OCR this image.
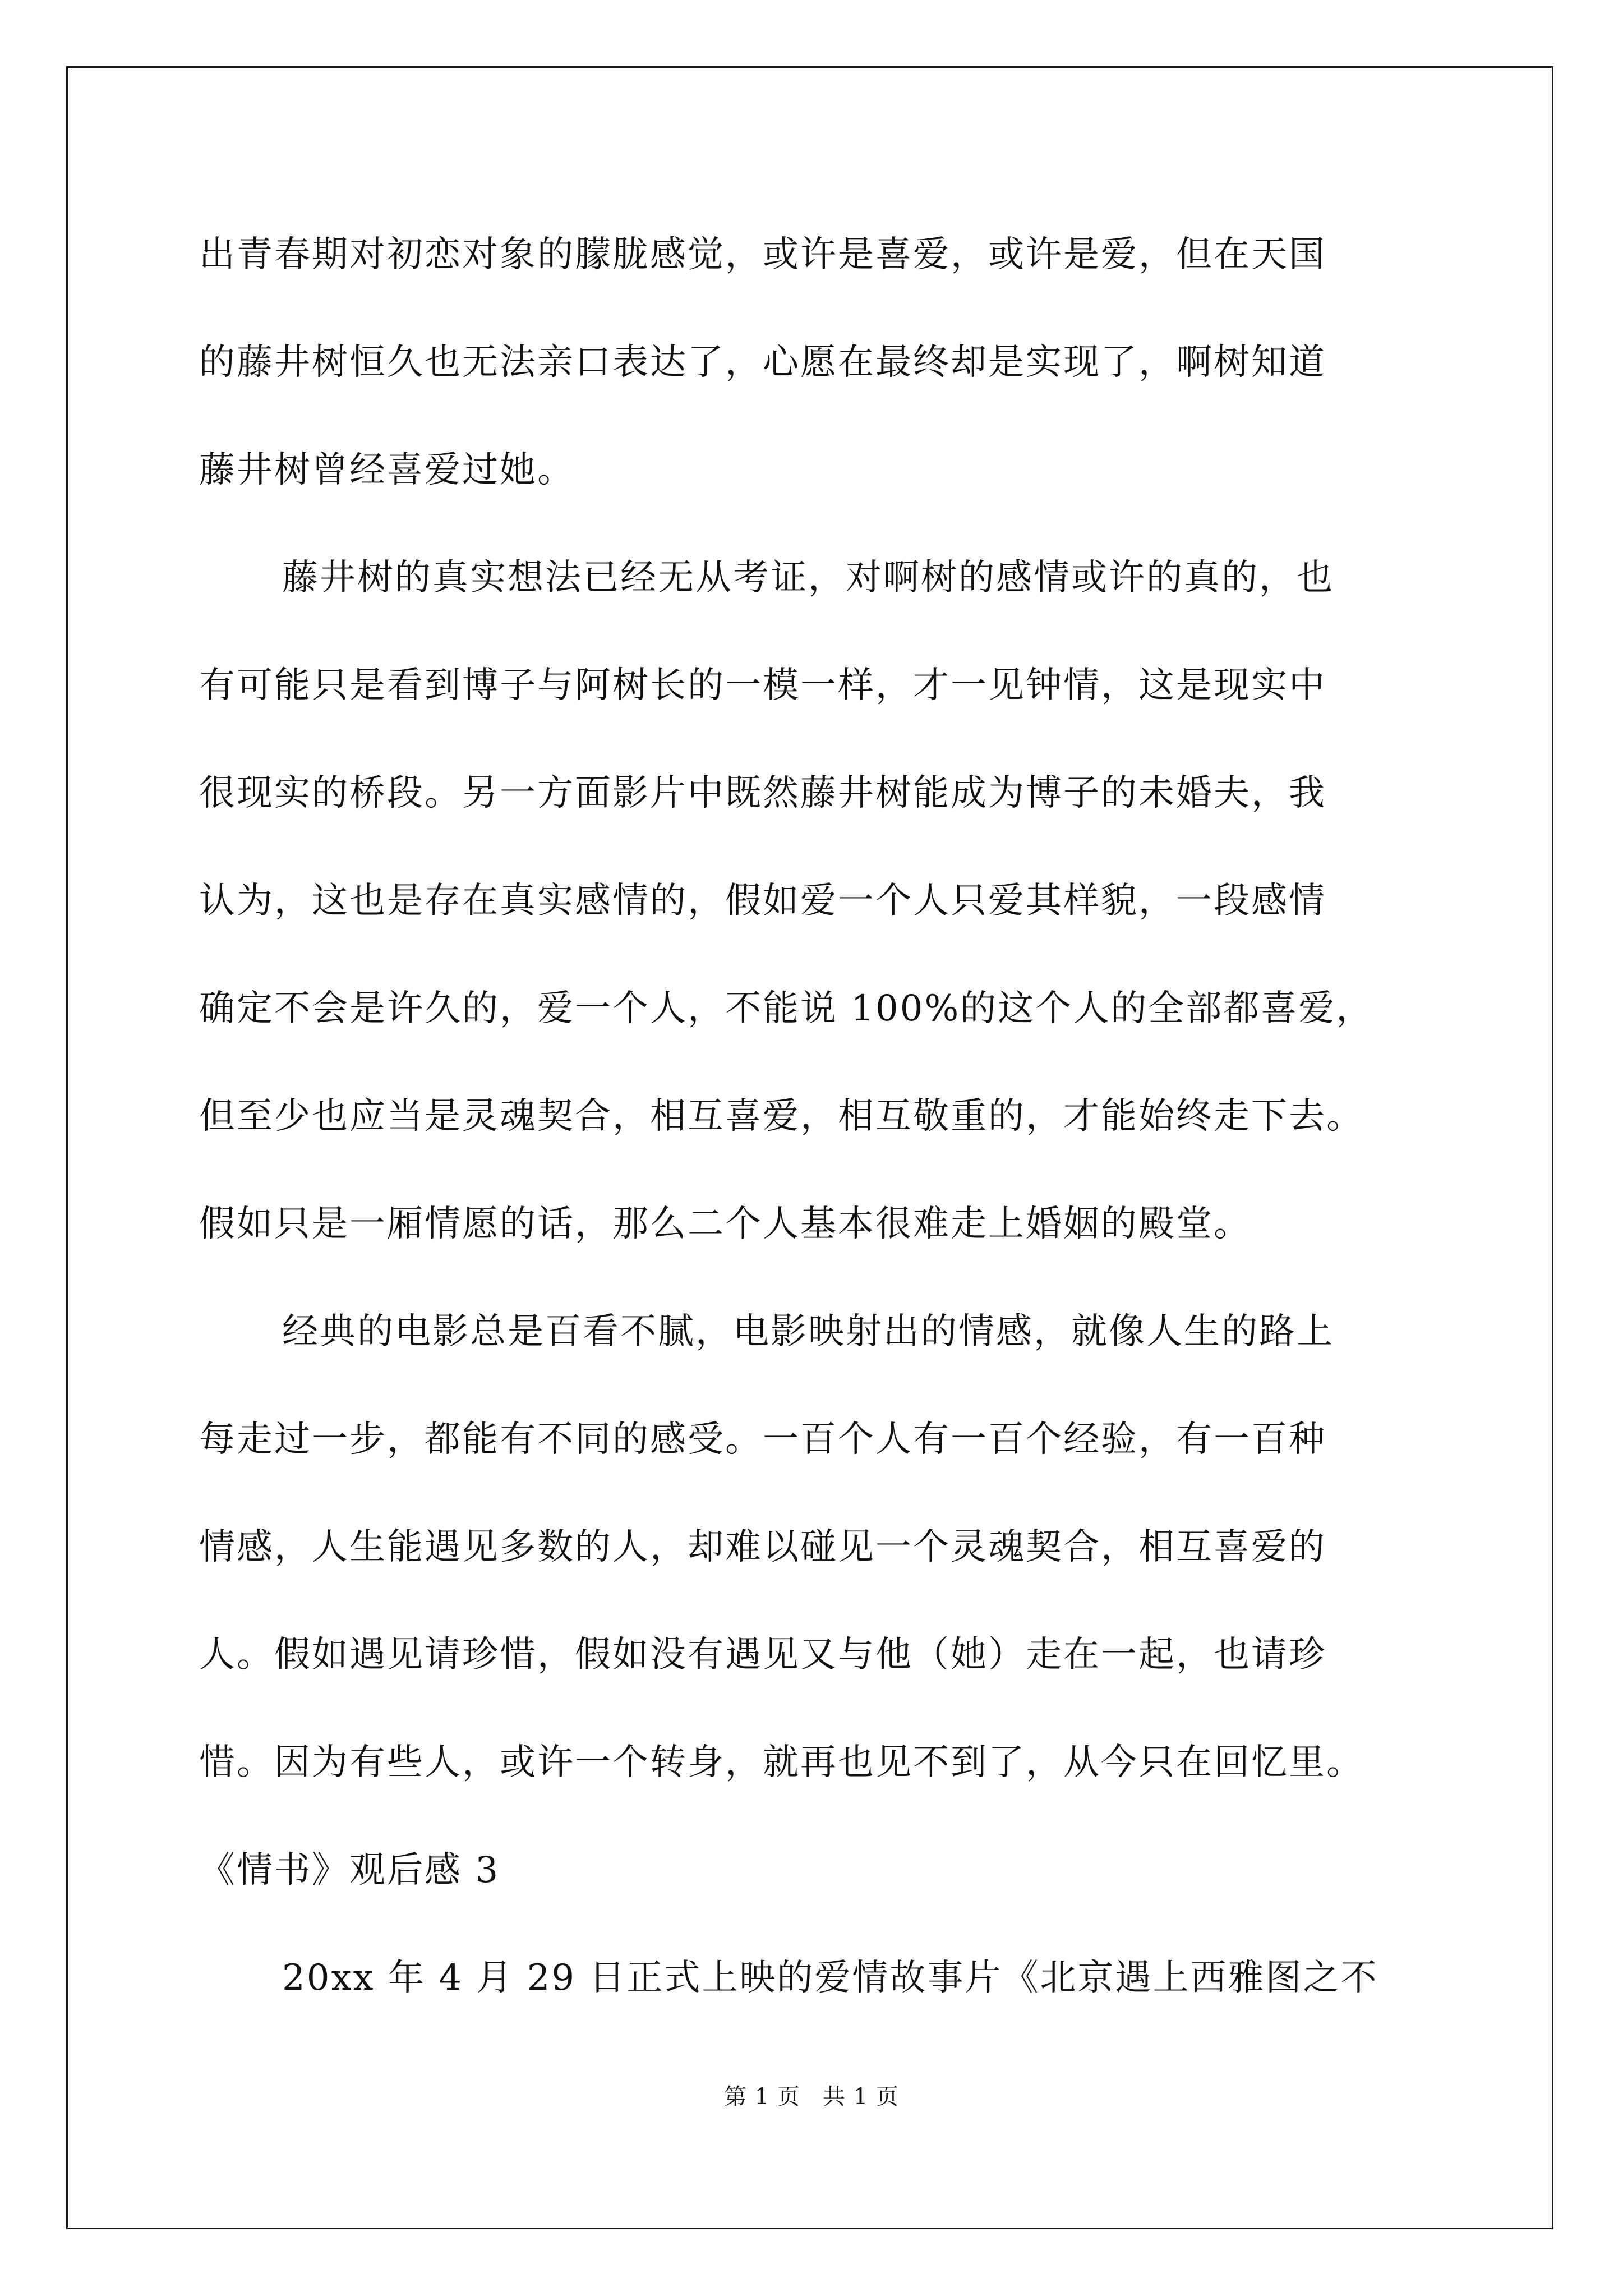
出青春期对初恋对象的朦胧感觉，或许是喜爱，或许是爱，但在天国
的藤井树恒久也无法亲口表达了，心愿在最终却是实现了，啊树知道
藤井树曾经喜爱过她。
藤井树的真实想法已经无从考证，对啊树的感情或许的真的，也
有可能只是看到博子与阿树长的一模一样，才一见钟情，这是现实中
很现实的桥段。另一方面影片中既然藤井树能成为博子的未婚夫，我
认为，这也是存在真实感情的，假如爱一个人只爱其样貌，一段感情
确定不会是许久的，爱一个人，不能说 100%的这个人的全部都喜爱，
但至少也应当是灵魂契合，相互喜爱，相互敬重的，才能始终走下去。
假如只是一厢情愿的话，那么二个人基本很难走上婚姻的殿堂。
经典的电影总是百看不腻，电影映射出的情感，就像人生的路上
每走过一步，都能有不同的感受。一百个人有一百个经验，有一百种
情感，人生能遇见多数的人，却难以碰见一个灵魂契合，相互喜爱的
人。假如遇见请珍惜，假如没有遇见又与他（她）走在一起，也请珍
惜。因为有些人，或许一个转身，就再也见不到了，从今只在回忆里。
《情书》观后感 3
20xx 年 4 月 29 日正式上映的爱情故事片《北京遇上西雅图之不
第 1 页 共 1 页
